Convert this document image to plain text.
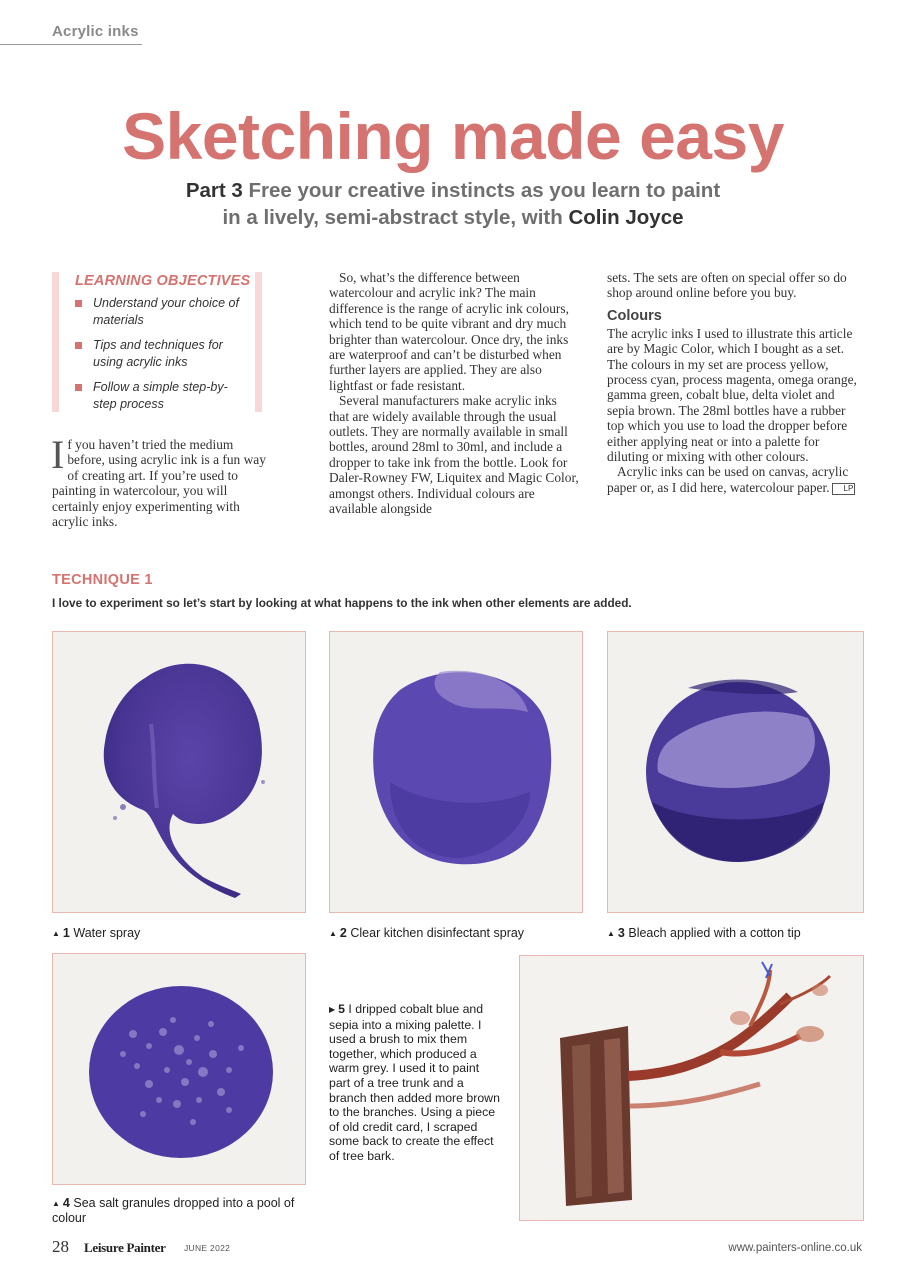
Acrylic inks
Sketching made easy
Part 3 Free your creative instincts as you learn to paint
in a lively, semi-abstract style, with Colin Joyce
LEARNING OBJECTIVES
Understand your choice of materials
Tips and techniques for using acrylic inks
Follow a simple step-by-step process
If you haven’t tried the medium before, using acrylic ink is a fun way of creating art. If you’re used to painting in watercolour, you will certainly enjoy experimenting with acrylic inks.
So, what’s the difference between watercolour and acrylic ink? The main difference is the range of acrylic ink colours, which tend to be quite vibrant and dry much brighter than watercolour. Once dry, the inks are waterproof and can’t be disturbed when further layers are applied. They are also lightfast or fade resistant.
Several manufacturers make acrylic inks that are widely available through the usual outlets. They are normally available in small bottles, around 28ml to 30ml, and include a dropper to take ink from the bottle. Look for Daler-Rowney FW, Liquitex and Magic Color, amongst others. Individual colours are available alongside
sets. The sets are often on special offer so do shop around online before you buy.
Colours
The acrylic inks I used to illustrate this article are by Magic Color, which I bought as a set. The colours in my set are process yellow, process cyan, process magenta, omega orange, gamma green, cobalt blue, delta violet and sepia brown. The 28ml bottles have a rubber top which you use to load the dropper before either applying neat or into a palette for diluting or mixing with other colours.
Acrylic inks can be used on canvas, acrylic paper or, as I did here, watercolour paper. LP
TECHNIQUE 1
I love to experiment so let’s start by looking at what happens to the ink when other elements are added.
▲ 1 Water spray	▲ 2 Clear kitchen disinfectant spray	▲ 3 Bleach applied with a cotton tip
▲ 4 Sea salt granules dropped into a pool of colour
▶ 5 I dripped cobalt blue and sepia into a mixing palette. I used a brush to mix them together, which produced a warm grey. I used it to paint part of a tree trunk and a branch then added more brown to the branches. Using a piece of old credit card, I scraped some back to create the effect of tree bark.
28 Leisure Painter JUNE 2022	www.painters-online.co.uk
